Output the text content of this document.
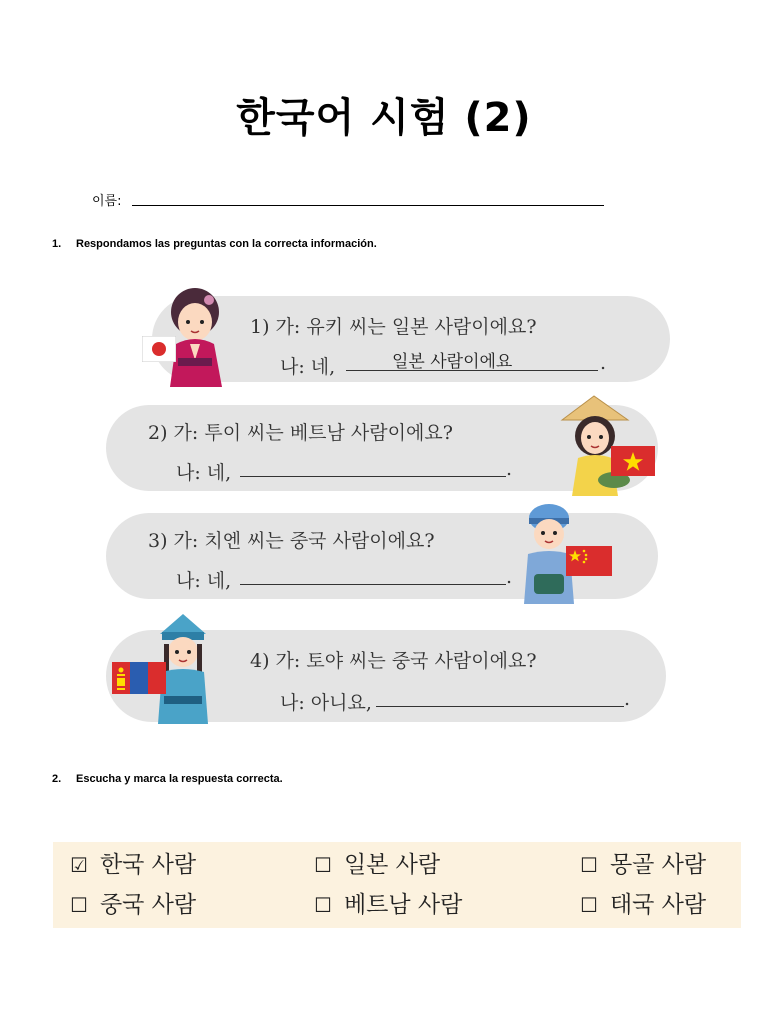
한국어 시험 (2)
이름:
1. Respondamos las preguntas con la correcta información.
1) 가: 유키 씨는 일본 사람이에요?
나: 네,	일본 사람이에요	.
2) 가: 투이 씨는 베트남 사람이에요?
나: 네,	.
3) 가: 치엔 씨는 중국 사람이에요?
나: 네,	.
4) 가: 토야 씨는 중국 사람이에요?
나: 아니요,	.
2. Escucha y marca la respuesta correcta.
☑ 한국 사람	☐ 일본 사람	☐ 몽골 사람
☐ 중국 사람	☐ 베트남 사람	☐ 태국 사람
